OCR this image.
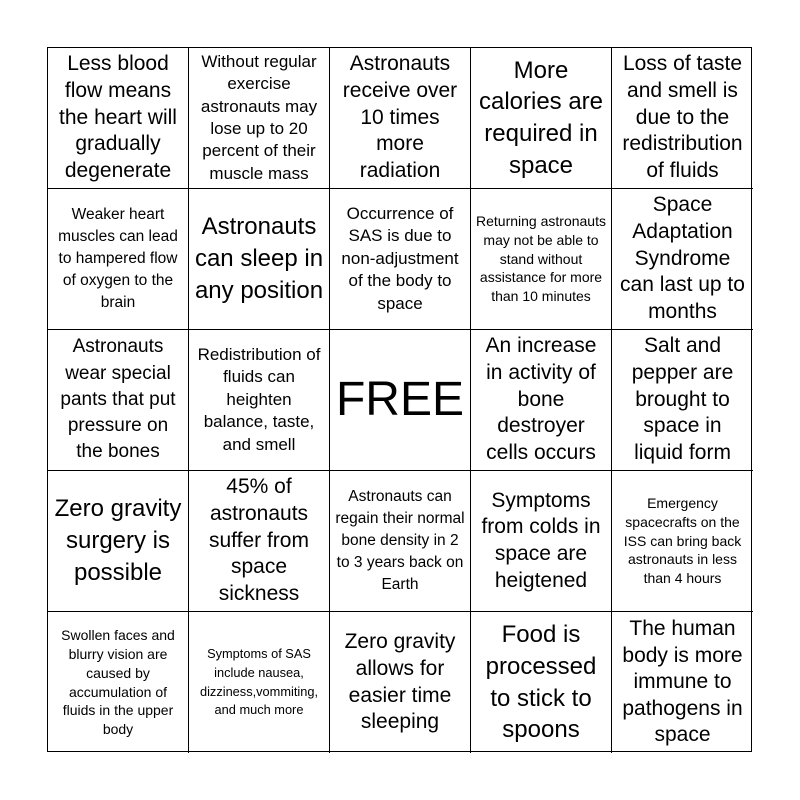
Less blood flow means the heart will gradually degenerate
Without regular exercise astronauts may lose up to 20 percent of their muscle mass
Astronauts receive over 10 times more radiation
More calories are required in space
Loss of taste and smell is due to the redistribution of fluids
Weaker heart muscles can lead to hampered flow of oxygen to the brain
Astronauts can sleep in any position
Occurrence of SAS is due to non-adjustment of the body to space
Returning astronauts may not be able to stand without assistance for more than 10 minutes
Space Adaptation Syndrome can last up to months
Astronauts wear special pants that put pressure on the bones
Redistribution of fluids can heighten balance, taste, and smell
FREE
An increase in activity of bone destroyer cells occurs
Salt and pepper are brought to space in liquid form
Zero gravity surgery is possible
45% of astronauts suffer from space sickness
Astronauts can regain their normal bone density in 2 to 3 years back on Earth
Symptoms from colds in space are heigtened
Emergency spacecrafts on the ISS can bring back astronauts in less than 4 hours
Swollen faces and blurry vision are caused by accumulation of fluids in the upper body
Symptoms of SAS include nausea, dizziness,vommiting, and much more
Zero gravity allows for easier time sleeping
Food is processed to stick to spoons
The human body is more immune to pathogens in space
